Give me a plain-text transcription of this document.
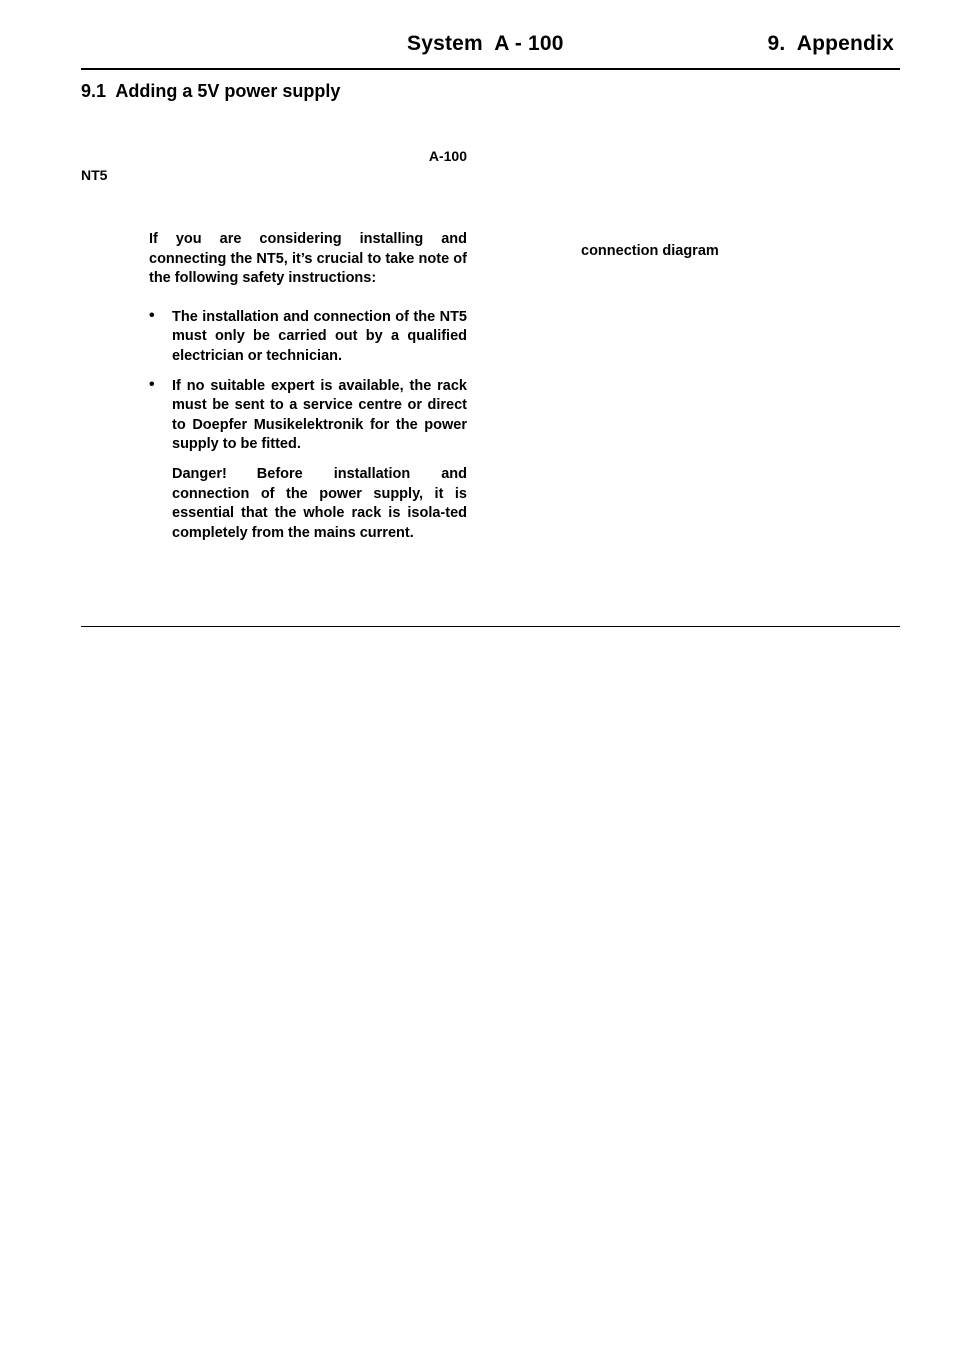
System  A - 100	9.  Appendix
9.1  Adding a 5V power supply
A-100
NT5
connection diagram

If you are considering installing and connecting the NT5, it’s crucial to take note of the following safety instructions:

• The installation and connection of the NT5 must only be carried out by a qualified electrician or technician.
• If no suitable expert is available, the rack must be sent to a service centre or direct to Doepfer Musikelektronik for the power supply to be fitted.

Danger! Before installation and connection of the power supply, it is essential that the whole rack is isola-ted completely from the mains current.
